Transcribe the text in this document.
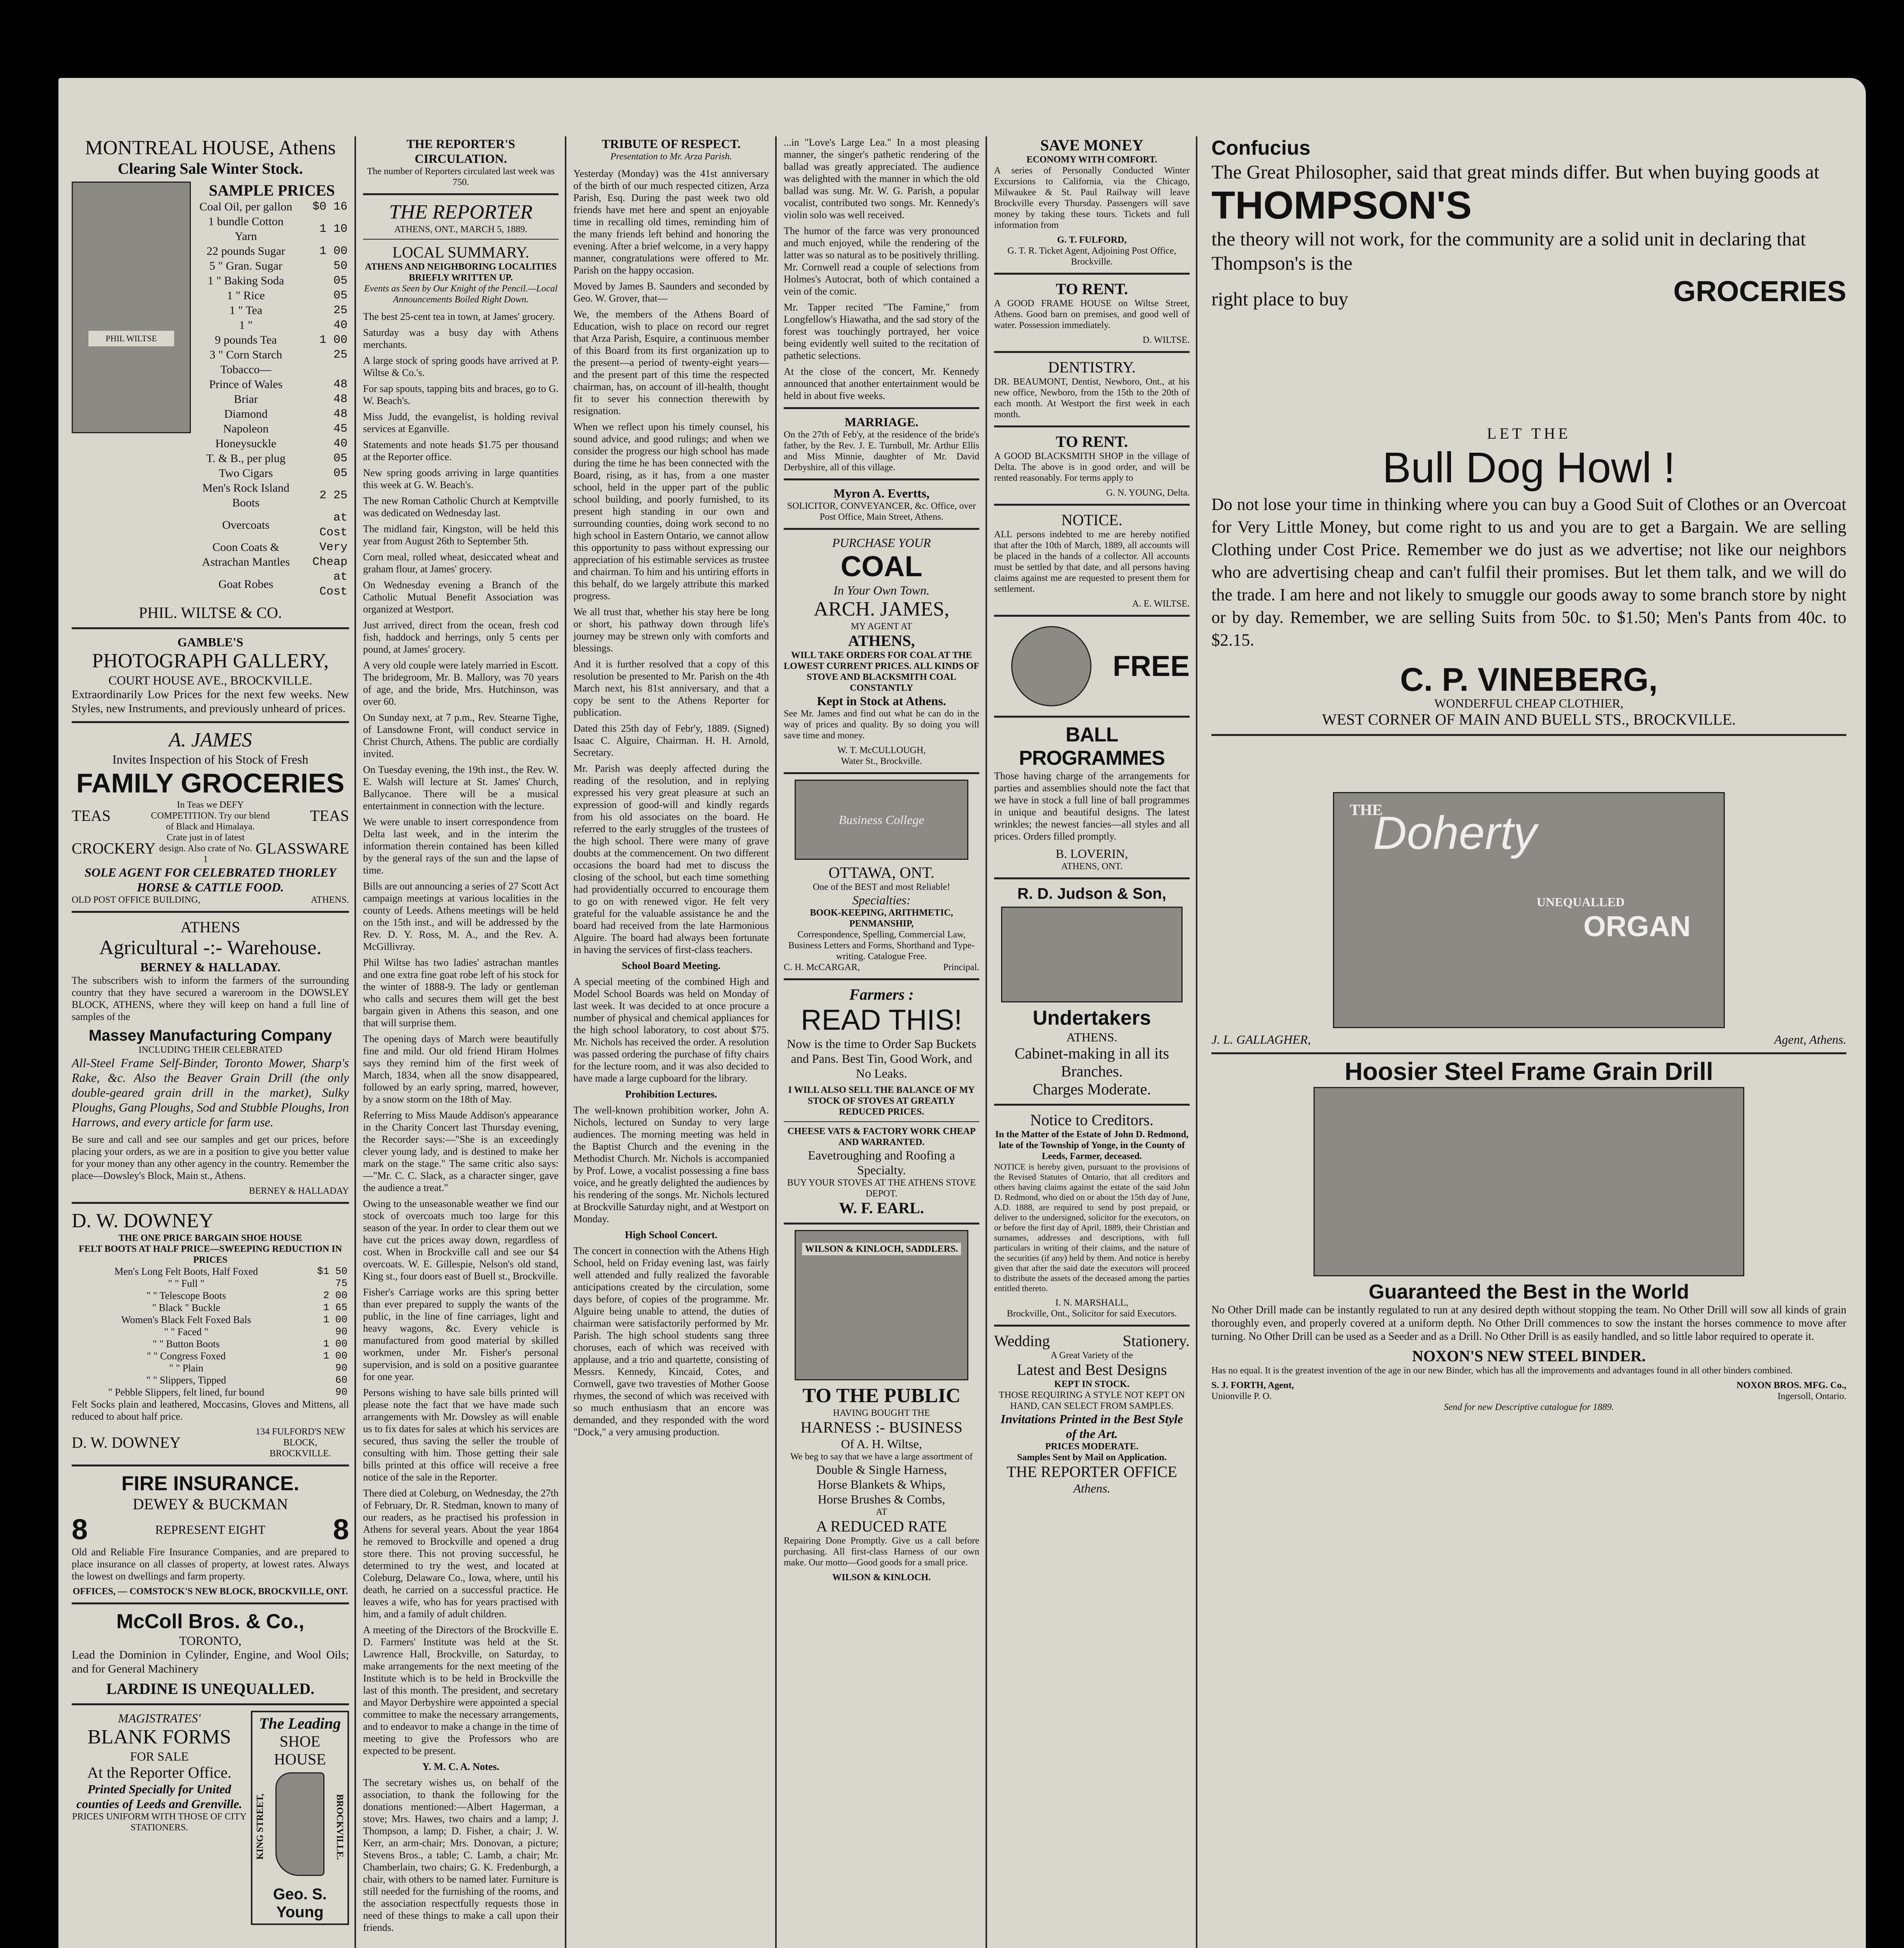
MONTREAL HOUSE, Athens
Clearing Sale Winter Stock.
PHIL WILTSE
SAMPLE PRICES
Coal Oil, per gallon	$0 16
1 bundle Cotton Yarn	1 10
22 pounds Sugar	1 00
5 " Gran. Sugar	50
1 " Baking Soda	05
1 " Rice	05
1 " Tea	25
1 "	40
9 pounds Tea	1 00
3 " Corn Starch	25
Tobacco—	
Prince of Wales	48
Briar	48
Diamond	48
Napoleon	45
Honeysuckle	40
T. & B., per plug	05
Two Cigars	05
Men's Rock Island Boots	2 25
Overcoats	at Cost
Coon Coats & Astrachan Mantles	Very Cheap
Goat Robes	at Cost
PHIL. WILTSE & CO.
GAMBLE'S
PHOTOGRAPH GALLERY,
COURT HOUSE AVE., BROCKVILLE.
Extraordinarily Low Prices for the next few weeks. New Styles, new Instruments, and previously unheard of prices.
A. JAMES
Invites Inspection of his Stock of Fresh
FAMILY GROCERIES
TEAS
In Teas we DEFY COMPETITION. Try our blend of Black and Himalaya.
TEAS
CROCKERY
Crate just in of latest design. Also crate of No. 1
GLASSWARE
SOLE AGENT FOR CELEBRATED THORLEY HORSE & CATTLE FOOD.
OLD POST OFFICE BUILDING,	ATHENS.
ATHENS
Agricultural -:- Warehouse.
BERNEY & HALLADAY.
The subscribers wish to inform the farmers of the surrounding country that they have secured a wareroom in the DOWSLEY BLOCK, ATHENS, where they will keep on hand a full line of samples of the
Massey Manufacturing Company
INCLUDING THEIR CELEBRATED
All-Steel Frame Self-Binder, Toronto Mower, Sharp's Rake, &c. Also the Beaver Grain Drill (the only double-geared grain drill in the market), Sulky Ploughs, Gang Ploughs, Sod and Stubble Ploughs, Iron Harrows, and every article for farm use.
Be sure and call and see our samples and get our prices, before placing your orders, as we are in a position to give you better value for your money than any other agency in the country. Remember the place—Dowsley's Block, Main st., Athens.
BERNEY & HALLADAY
D. W. DOWNEY
THE ONE PRICE BARGAIN SHOE HOUSE
FELT BOOTS AT HALF PRICE—SWEEPING REDUCTION IN PRICES
Men's Long Felt Boots, Half Foxed	$1 50
" " Full "	75
" " Telescope Boots	2 00
" Black " Buckle	1 65
Women's Black Felt Foxed Bals	1 00
" " Faced "	90
" " Button Boots	1 00
" " Congress Foxed	1 00
" " Plain	90
" " Slippers, Tipped	60
" Pebble Slippers, felt lined, fur bound	90
Felt Socks plain and leathered, Moccasins, Gloves and Mittens, all reduced to about half price.
D. W. DOWNEY
134 FULFORD'S NEW BLOCK, BROCKVILLE.
FIRE INSURANCE.
DEWEY & BUCKMAN
8	REPRESENT EIGHT 8
Old and Reliable Fire Insurance Companies, and are prepared to place insurance on all classes of property, at lowest rates. Always the lowest on dwellings and farm property.
OFFICES, — COMSTOCK'S NEW BLOCK, BROCKVILLE, ONT.
McColl Bros. & Co.,
TORONTO,
Lead the Dominion in Cylinder, Engine, and Wool Oils; and for General Machinery
LARDINE IS UNEQUALLED.
MAGISTRATES'
BLANK FORMS
FOR SALE
At the Reporter Office.
Printed Specially for United counties of Leeds and Grenville.
PRICES UNIFORM WITH THOSE OF CITY STATIONERS.
The Leading
SHOE HOUSE
KING STREET,	BROCKVILLE.
Geo. S. Young
THE REPORTER'S CIRCULATION.
The number of Reporters circulated last week was 750.
THE REPORTER
ATHENS, ONT., MARCH 5, 1889.
LOCAL SUMMARY.
ATHENS AND NEIGHBORING LOCALITIES BRIEFLY WRITTEN UP.
Events as Seen by Our Knight of the Pencil.—Local Announcements Boiled Right Down.
The best 25-cent tea in town, at James' grocery.
Saturday was a busy day with Athens merchants.
A large stock of spring goods have arrived at P. Wiltse & Co.'s.
For sap spouts, tapping bits and braces, go to G. W. Beach's.
Miss Judd, the evangelist, is holding revival services at Eganville.
Statements and note heads $1.75 per thousand at the Reporter office.
New spring goods arriving in large quantities this week at G. W. Beach's.
The new Roman Catholic Church at Kemptville was dedicated on Wednesday last.
The midland fair, Kingston, will be held this year from August 26th to September 5th.
Corn meal, rolled wheat, desiccated wheat and graham flour, at James' grocery.
On Wednesday evening a Branch of the Catholic Mutual Benefit Association was organized at Westport.
Just arrived, direct from the ocean, fresh cod fish, haddock and herrings, only 5 cents per pound, at James' grocery.
A very old couple were lately married in Escott. The bridegroom, Mr. B. Mallory, was 70 years of age, and the bride, Mrs. Hutchinson, was over 60.
On Sunday next, at 7 p.m., Rev. Stearne Tighe, of Lansdowne Front, will conduct service in Christ Church, Athens. The public are cordially invited.
On Tuesday evening, the 19th inst., the Rev. W. E. Walsh will lecture at St. James' Church, Ballycanoe. There will be a musical entertainment in connection with the lecture.
We were unable to insert correspondence from Delta last week, and in the interim the information therein contained has been killed by the general rays of the sun and the lapse of time.
Bills are out announcing a series of 27 Scott Act campaign meetings at various localities in the county of Leeds. Athens meetings will be held on the 15th inst., and will be addressed by the Rev. D. Y. Ross, M. A., and the Rev. A. McGillivray.
Phil Wiltse has two ladies' astrachan mantles and one extra fine goat robe left of his stock for the winter of 1888-9. The lady or gentleman who calls and secures them will get the best bargain given in Athens this season, and one that will surprise them.
The opening days of March were beautifully fine and mild. Our old friend Hiram Holmes says they remind him of the first week of March, 1834, when all the snow disappeared, followed by an early spring, marred, however, by a snow storm on the 18th of May.
Referring to Miss Maude Addison's appearance in the Charity Concert last Thursday evening, the Recorder says:—"She is an exceedingly clever young lady, and is destined to make her mark on the stage." The same critic also says:—"Mr. C. C. Slack, as a character singer, gave the audience a treat."
Owing to the unseasonable weather we find our stock of overcoats much too large for this season of the year. In order to clear them out we have cut the prices away down, regardless of cost. When in Brockville call and see our $4 overcoats. W. E. Gillespie, Nelson's old stand, King st., four doors east of Buell st., Brockville.
Fisher's Carriage works are this spring better than ever prepared to supply the wants of the public, in the line of fine carriages, light and heavy wagons, &c. Every vehicle is manufactured from good material by skilled workmen, under Mr. Fisher's personal supervision, and is sold on a positive guarantee for one year.
Persons wishing to have sale bills printed will please note the fact that we have made such arrangements with Mr. Dowsley as will enable us to fix dates for sales at which his services are secured, thus saving the seller the trouble of consulting with him. Those getting their sale bills printed at this office will receive a free notice of the sale in the Reporter.
There died at Coleburg, on Wednesday, the 27th of February, Dr. R. Stedman, known to many of our readers, as he practised his profession in Athens for several years. About the year 1864 he removed to Brockville and opened a drug store there. This not proving successful, he determined to try the west, and located at Coleburg, Delaware Co., Iowa, where, until his death, he carried on a successful practice. He leaves a wife, who has for years practised with him, and a family of adult children.
A meeting of the Directors of the Brockville E. D. Farmers' Institute was held at the St. Lawrence Hall, Brockville, on Saturday, to make arrangements for the next meeting of the Institute which is to be held in Brockville the last of this month. The president, and secretary and Mayor Derbyshire were appointed a special committee to make the necessary arrangements, and to endeavor to make a change in the time of meeting to give the Professors who are expected to be present.
Y. M. C. A. Notes.
The secretary wishes us, on behalf of the association, to thank the following for the donations mentioned:—Albert Hagerman, a stove; Mrs. Hawes, two chairs and a lamp; J. Thompson, a lamp; D. Fisher, a chair; J. W. Kerr, an arm-chair; Mrs. Donovan, a picture; Stevens Bros., a table; C. Lamb, a chair; Mr. Chamberlain, two chairs; G. K. Fredenburgh, a chair, with others to be named later. Furniture is still needed for the furnishing of the rooms, and the association respectfully requests those in need of these things to make a call upon their friends.
TRIBUTE OF RESPECT.
Presentation to Mr. Arza Parish.
Yesterday (Monday) was the 41st anniversary of the birth of our much respected citizen, Arza Parish, Esq. During the past week two old friends have met here and spent an enjoyable time in recalling old times, reminding him of the many friends left behind and honoring the evening. After a brief welcome, in a very happy manner, congratulations were offered to Mr. Parish on the happy occasion.
Moved by James B. Saunders and seconded by Geo. W. Grover, that—
We, the members of the Athens Board of Education, wish to place on record our regret that Arza Parish, Esquire, a continuous member of this Board from its first organization up to the present—a period of twenty-eight years—and the present part of this time the respected chairman, has, on account of ill-health, thought fit to sever his connection therewith by resignation.
When we reflect upon his timely counsel, his sound advice, and good rulings; and when we consider the progress our high school has made during the time he has been connected with the Board, rising, as it has, from a one master school, held in the upper part of the public school building, and poorly furnished, to its present high standing in our own and surrounding counties, doing work second to no high school in Eastern Ontario, we cannot allow this opportunity to pass without expressing our appreciation of his estimable services as trustee and chairman. To him and his untiring efforts in this behalf, do we largely attribute this marked progress.
We all trust that, whether his stay here be long or short, his pathway down through life's journey may be strewn only with comforts and blessings.
And it is further resolved that a copy of this resolution be presented to Mr. Parish on the 4th March next, his 81st anniversary, and that a copy be sent to the Athens Reporter for publication.
Dated this 25th day of Febr'y, 1889. (Signed) Isaac C. Alguire, Chairman. H. H. Arnold, Secretary.
Mr. Parish was deeply affected during the reading of the resolution, and in replying expressed his very great pleasure at such an expression of good-will and kindly regards from his old associates on the board. He referred to the early struggles of the trustees of the high school. There were many of grave doubts at the commencement. On two different occasions the board had met to discuss the closing of the school, but each time something had providentially occurred to encourage them to go on with renewed vigor. He felt very grateful for the valuable assistance he and the board had received from the late Harmonious Alguire. The board had always been fortunate in having the services of first-class teachers.
School Board Meeting.
A special meeting of the combined High and Model School Boards was held on Monday of last week. It was decided to at once procure a number of physical and chemical appliances for the high school laboratory, to cost about $75. Mr. Nichols has received the order. A resolution was passed ordering the purchase of fifty chairs for the lecture room, and it was also decided to have made a large cupboard for the library.
Prohibition Lectures.
The well-known prohibition worker, John A. Nichols, lectured on Sunday to very large audiences. The morning meeting was held in the Baptist Church and the evening in the Methodist Church. Mr. Nichols is accompanied by Prof. Lowe, a vocalist possessing a fine bass voice, and he greatly delighted the audiences by his rendering of the songs. Mr. Nichols lectured at Brockville Saturday night, and at Westport on Monday.
High School Concert.
The concert in connection with the Athens High School, held on Friday evening last, was fairly well attended and fully realized the favorable anticipations created by the circulation, some days before, of copies of the programme. Mr. Alguire being unable to attend, the duties of chairman were satisfactorily performed by Mr. Parish. The high school students sang three choruses, each of which was received with applause, and a trio and quartette, consisting of Messrs. Kennedy, Kincaid, Cotes, and Cornwell, gave two travesties of Mother Goose rhymes, the second of which was received with so much enthusiasm that an encore was demanded, and they responded with the word "Dock," a very amusing production.
...in "Love's Large Lea." In a most pleasing manner, the singer's pathetic rendering of the ballad was greatly appreciated. The audience was delighted with the manner in which the old ballad was sung. Mr. W. G. Parish, a popular vocalist, contributed two songs. Mr. Kennedy's violin solo was well received.
The humor of the farce was very pronounced and much enjoyed, while the rendering of the latter was so natural as to be positively thrilling. Mr. Cornwell read a couple of selections from Holmes's Autocrat, both of which contained a vein of the comic.
Mr. Tapper recited "The Famine," from Longfellow's Hiawatha, and the sad story of the forest was touchingly portrayed, her voice being evidently well suited to the recitation of pathetic selections.
At the close of the concert, Mr. Kennedy announced that another entertainment would be held in about five weeks.
MARRIAGE.
On the 27th of Feb'y, at the residence of the bride's father, by the Rev. J. E. Turnbull, Mr. Arthur Ellis and Miss Minnie, daughter of Mr. David Derbyshire, all of this village.
Myron A. Evertts,
SOLICITOR, CONVEYANCER, &c. Office, over Post Office, Main Street, Athens.
PURCHASE YOUR
COAL
In Your Own Town.
ARCH. JAMES,
MY AGENT AT
ATHENS,
WILL TAKE ORDERS FOR COAL AT THE LOWEST CURRENT PRICES. ALL KINDS OF STOVE AND BLACKSMITH COAL CONSTANTLY
Kept in Stock at Athens.
See Mr. James and find out what he can do in the way of prices and quality. By so doing you will save time and money.
W. T. McCULLOUGH,
Water St., Brockville.
Business College
OTTAWA, ONT.
One of the BEST and most Reliable!
Specialties:
BOOK-KEEPING, ARITHMETIC, PENMANSHIP,
Correspondence, Spelling, Commercial Law, Business Letters and Forms, Shorthand and Type-writing. Catalogue Free.
C. H. McCARGAR,	Principal.
Farmers :
READ THIS!
Now is the time to Order Sap Buckets and Pans. Best Tin, Good Work, and No Leaks.
I WILL ALSO SELL THE BALANCE OF MY STOCK OF STOVES AT GREATLY REDUCED PRICES.
CHEESE VATS & FACTORY WORK CHEAP AND WARRANTED.
Eavetroughing and Roofing a Specialty.
BUY YOUR STOVES AT THE ATHENS STOVE DEPOT.
W. F. EARL.
WILSON & KINLOCH, SADDLERS.
TO THE PUBLIC
HAVING BOUGHT THE
HARNESS :- BUSINESS
Of A. H. Wiltse,
We beg to say that we have a large assortment of
Double & Single Harness,
Horse Blankets & Whips,
Horse Brushes & Combs,
AT
A REDUCED RATE
Repairing Done Promptly. Give us a call before purchasing. All first-class Harness of our own make. Our motto—Good goods for a small price.
WILSON & KINLOCH.
SAVE MONEY
ECONOMY WITH COMFORT.
A series of Personally Conducted Winter Excursions to California, via the Chicago, Milwaukee & St. Paul Railway will leave Brockville every Thursday. Passengers will save money by taking these tours. Tickets and full information from
G. T. FULFORD,
G. T. R. Ticket Agent, Adjoining Post Office, Brockville.
TO RENT.
A GOOD FRAME HOUSE on Wiltse Street, Athens. Good barn on premises, and good well of water. Possession immediately.
D. WILTSE.
DENTISTRY.
DR. BEAUMONT, Dentist, Newboro, Ont., at his new office, Newboro, from the 15th to the 20th of each month. At Westport the first week in each month.
TO RENT.
A GOOD BLACKSMITH SHOP in the village of Delta. The above is in good order, and will be rented reasonably. For terms apply to
G. N. YOUNG, Delta.
NOTICE.
ALL persons indebted to me are hereby notified that after the 10th of March, 1889, all accounts will be placed in the hands of a collector. All accounts must be settled by that date, and all persons having claims against me are requested to present them for settlement.
A. E. WILTSE.
FREE
BALL PROGRAMMES
Those having charge of the arrangements for parties and assemblies should note the fact that we have in stock a full line of ball programmes in unique and beautiful designs. The latest wrinkles; the newest fancies—all styles and all prices. Orders filled promptly.
B. LOVERIN,
ATHENS, ONT.
R. D. Judson & Son,
Undertakers
ATHENS.
Cabinet-making in all its Branches.
Charges Moderate.
Notice to Creditors.
In the Matter of the Estate of John D. Redmond, late of the Township of Yonge, in the County of Leeds, Farmer, deceased.
NOTICE is hereby given, pursuant to the provisions of the Revised Statutes of Ontario, that all creditors and others having claims against the estate of the said John D. Redmond, who died on or about the 15th day of June, A.D. 1888, are required to send by post prepaid, or deliver to the undersigned, solicitor for the executors, on or before the first day of April, 1889, their Christian and surnames, addresses and descriptions, with full particulars in writing of their claims, and the nature of the securities (if any) held by them. And notice is hereby given that after the said date the executors will proceed to distribute the assets of the deceased among the parties entitled thereto.
I. N. MARSHALL,
Brockville, Ont., Solicitor for said Executors.
Wedding	Stationery.
A Great Variety of the
Latest and Best Designs
KEPT IN STOCK.
THOSE REQUIRING A STYLE NOT KEPT ON HAND, CAN SELECT FROM SAMPLES.
Invitations Printed in the Best Style of the Art.
PRICES MODERATE.
Samples Sent by Mail on Application.
THE REPORTER OFFICE
Athens.
Confucius
The Great Philosopher, said that great minds differ. But when buying goods at
THOMPSON'S
the theory will not work, for the community are a solid unit in declaring that Thompson's is the
right place to buy	GROCERIES
LET THE
Bull Dog Howl !
Do not lose your time in thinking where you can buy a Good Suit of Clothes or an Overcoat for Very Little Money, but come right to us and you are to get a Bargain. We are selling Clothing under Cost Price. Remember we do just as we advertise; not like our neighbors who are advertising cheap and can't fulfil their promises. But let them talk, and we will do the trade. I am here and not likely to smuggle our goods away to some branch store by night or by day. Remember, we are selling Suits from 50c. to $1.50; Men's Pants from 40c. to $2.15.
C. P. VINEBERG,
WONDERFUL CHEAP CLOTHIER,
WEST CORNER OF MAIN AND BUELL STS., BROCKVILLE.
THE
Doherty
UNEQUALLED
ORGAN
J. L. GALLAGHER,	Agent, Athens.
Hoosier Steel Frame Grain Drill
Guaranteed the Best in the World
No Other Drill made can be instantly regulated to run at any desired depth without stopping the team. No Other Drill will sow all kinds of grain thoroughly even, and properly covered at a uniform depth. No Other Drill commences to sow the instant the horses commence to move after turning. No Other Drill can be used as a Seeder and as a Drill. No Other Drill is as easily handled, and so little labor required to operate it.
NOXON'S NEW STEEL BINDER.
Has no equal. It is the greatest invention of the age in our new Binder, which has all the improvements and advantages found in all other binders combined.
S. J. FORTH, Agent,	NOXON BROS. MFG. Co.,
Unionville P. O.	Ingersoll, Ontario.
Send for new Descriptive catalogue for 1889.
